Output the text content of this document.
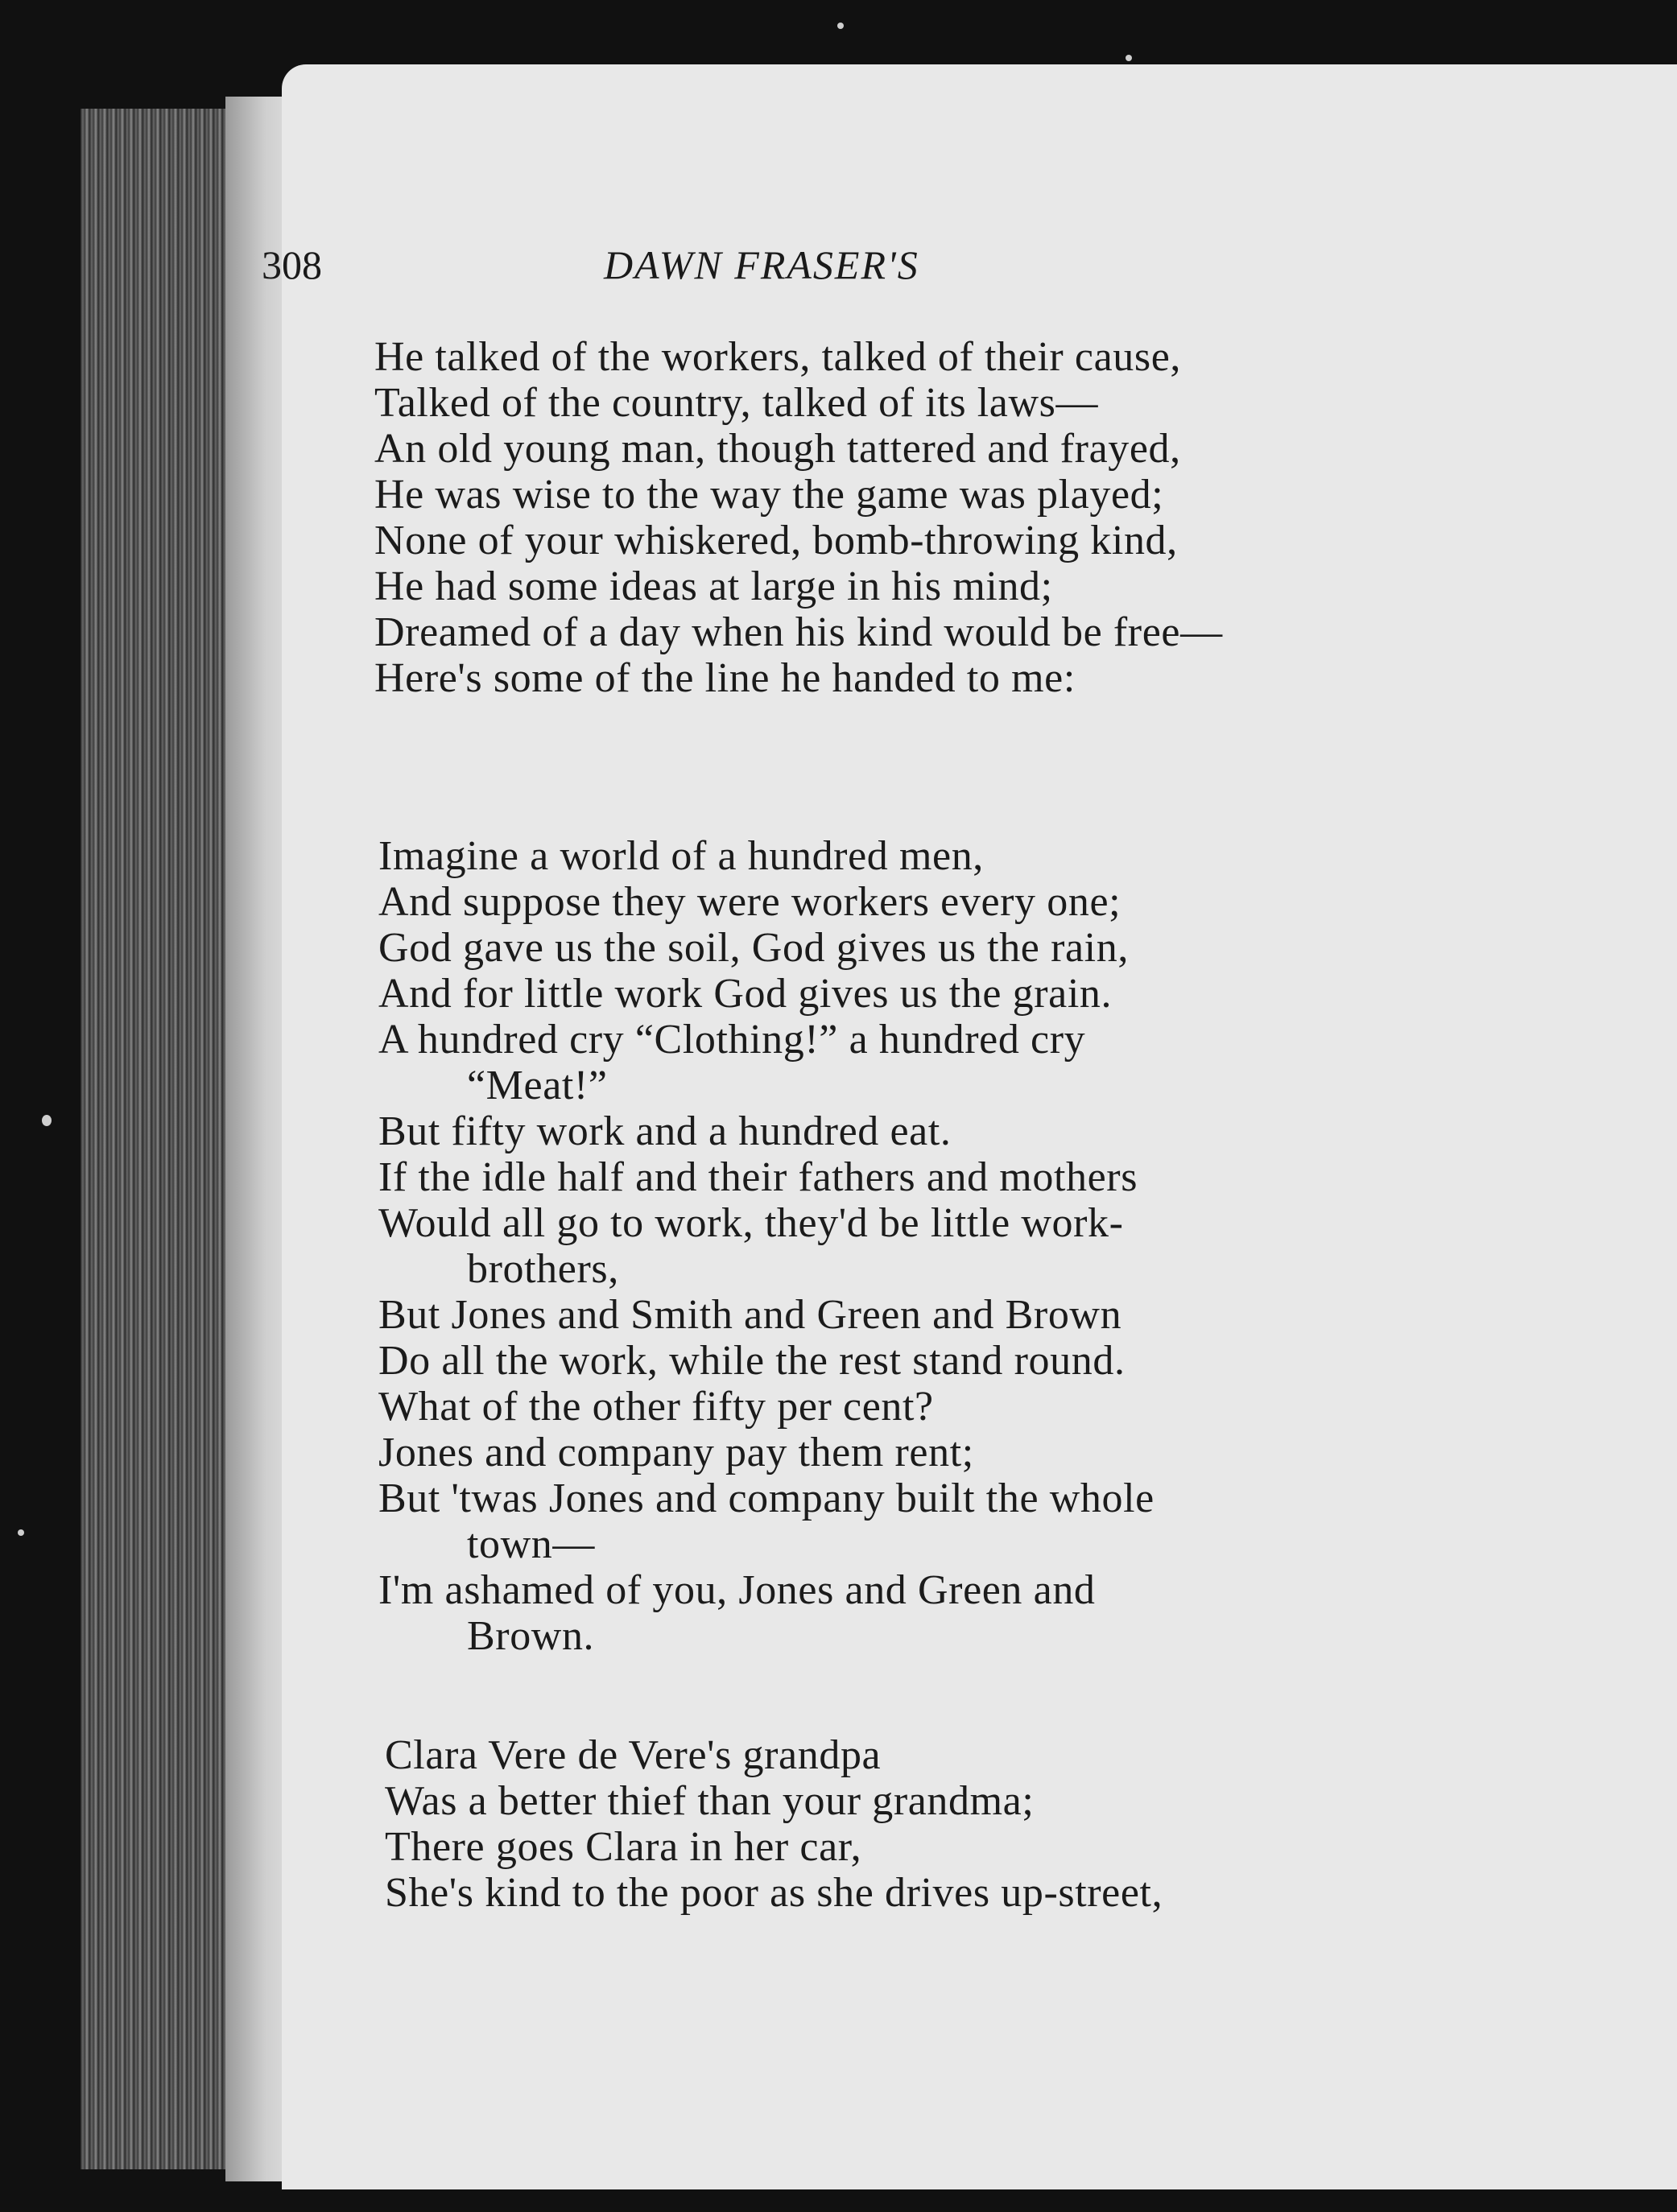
308	DAWN FRASER'S
He talked of the workers, talked of their cause,
Talked of the country, talked of its laws—
An old young man, though tattered and frayed,
He was wise to the way the game was played;
None of your whiskered, bomb-throwing kind,
He had some ideas at large in his mind;
Dreamed of a day when his kind would be free—
Here's some of the line he handed to me:
Imagine a world of a hundred men,
And suppose they were workers every one;
God gave us the soil, God gives us the rain,
And for little work God gives us the grain.
A hundred cry “Clothing!” a hundred cry
“Meat!”
But fifty work and a hundred eat.
If the idle half and their fathers and mothers
Would all go to work, they'd be little work-
brothers,
But Jones and Smith and Green and Brown
Do all the work, while the rest stand round.
What of the other fifty per cent?
Jones and company pay them rent;
But 'twas Jones and company built the whole
town—
I'm ashamed of you, Jones and Green and
Brown.
Clara Vere de Vere's grandpa
Was a better thief than your grandma;
There goes Clara in her car,
She's kind to the poor as she drives up-street,
